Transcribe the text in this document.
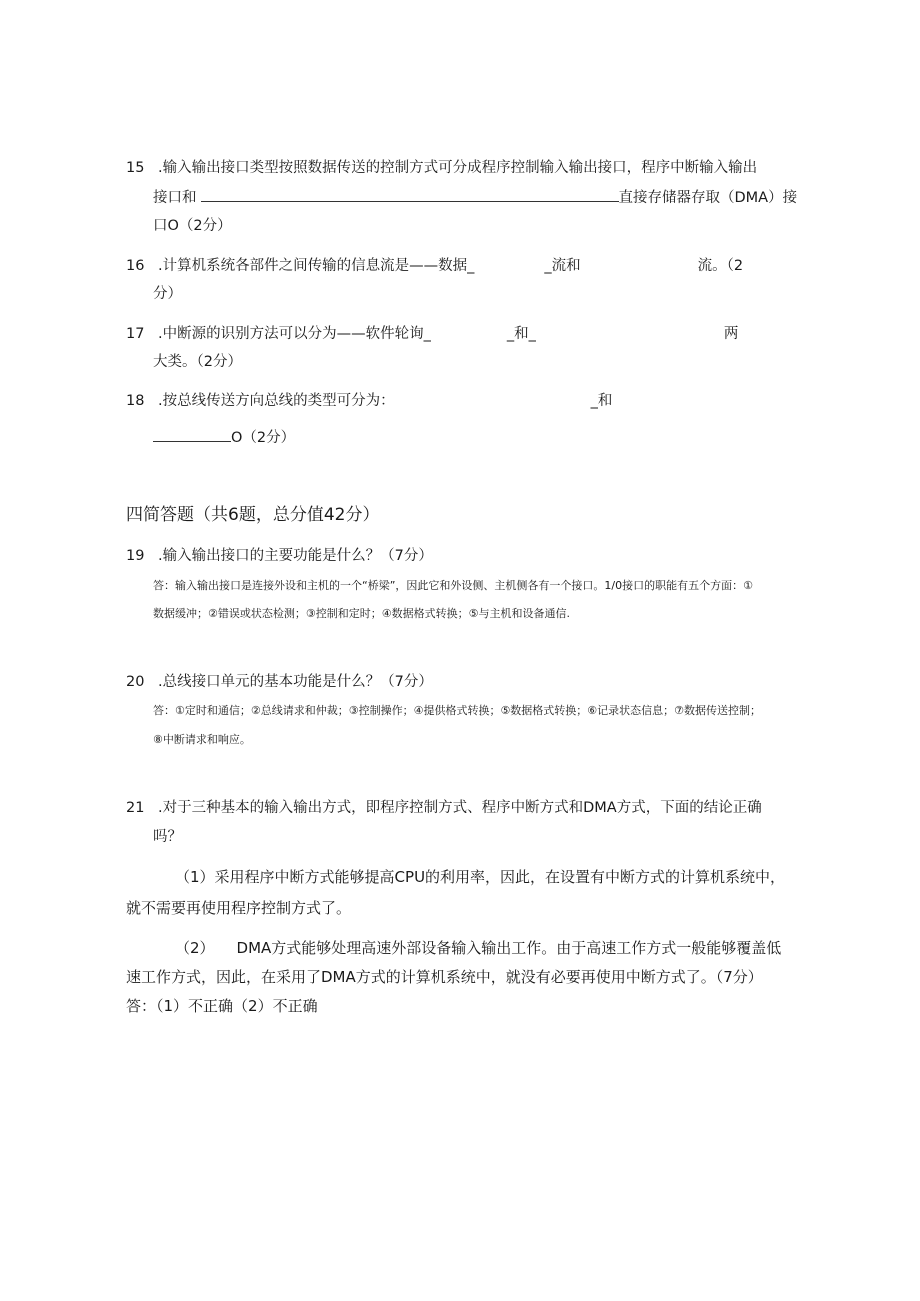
15 .输入输出接口类型按照数据传送的控制方式可分成程序控制输入输出接口，程序中断输入输出
接口和	直接存储器存取（DMA）接
口O（2分）
16 .计算机系统各部件之间传输的信息流是——数据_	_流和	流。（2
分）
17 .中断源的识别方法可以分为——软件轮询_	_和_	两
大类。（2分）
18 .按总线传送方向总线的类型可分为：	_和
O（2分）
四简答题（共6题，总分值42分）
19 .输入输出接口的主要功能是什么？（7分）
答：输入输出接口是连接外设和主机的一个“桥梁”，因此它和外设侧、主机侧各有一个接口。1/0接口的职能有五个方面：①
数据缓冲；②错误或状态检测；③控制和定时；④数据格式转换；⑤与主机和设备通信.
20 .总线接口单元的基本功能是什么？（7分）
答：①定时和通信；②总线请求和仲裁；③控制操作；④提供格式转换；⑤数据格式转换；⑥记录状态信息；⑦数据传送控制；
⑧中断请求和响应。
21 .对于三种基本的输入输出方式，即程序控制方式、程序中断方式和DMA方式，下面的结论正确
吗？
（1）采用程序中断方式能够提高CPU的利用率，因此，在设置有中断方式的计算机系统中，
就不需要再使用程序控制方式了。
（2） DMA方式能够处理高速外部设备输入输出工作。由于高速工作方式一般能够覆盖低
速工作方式，因此，在采用了DMA方式的计算机系统中，就没有必要再使用中断方式了。（7分）
答：（1）不正确（2）不正确
